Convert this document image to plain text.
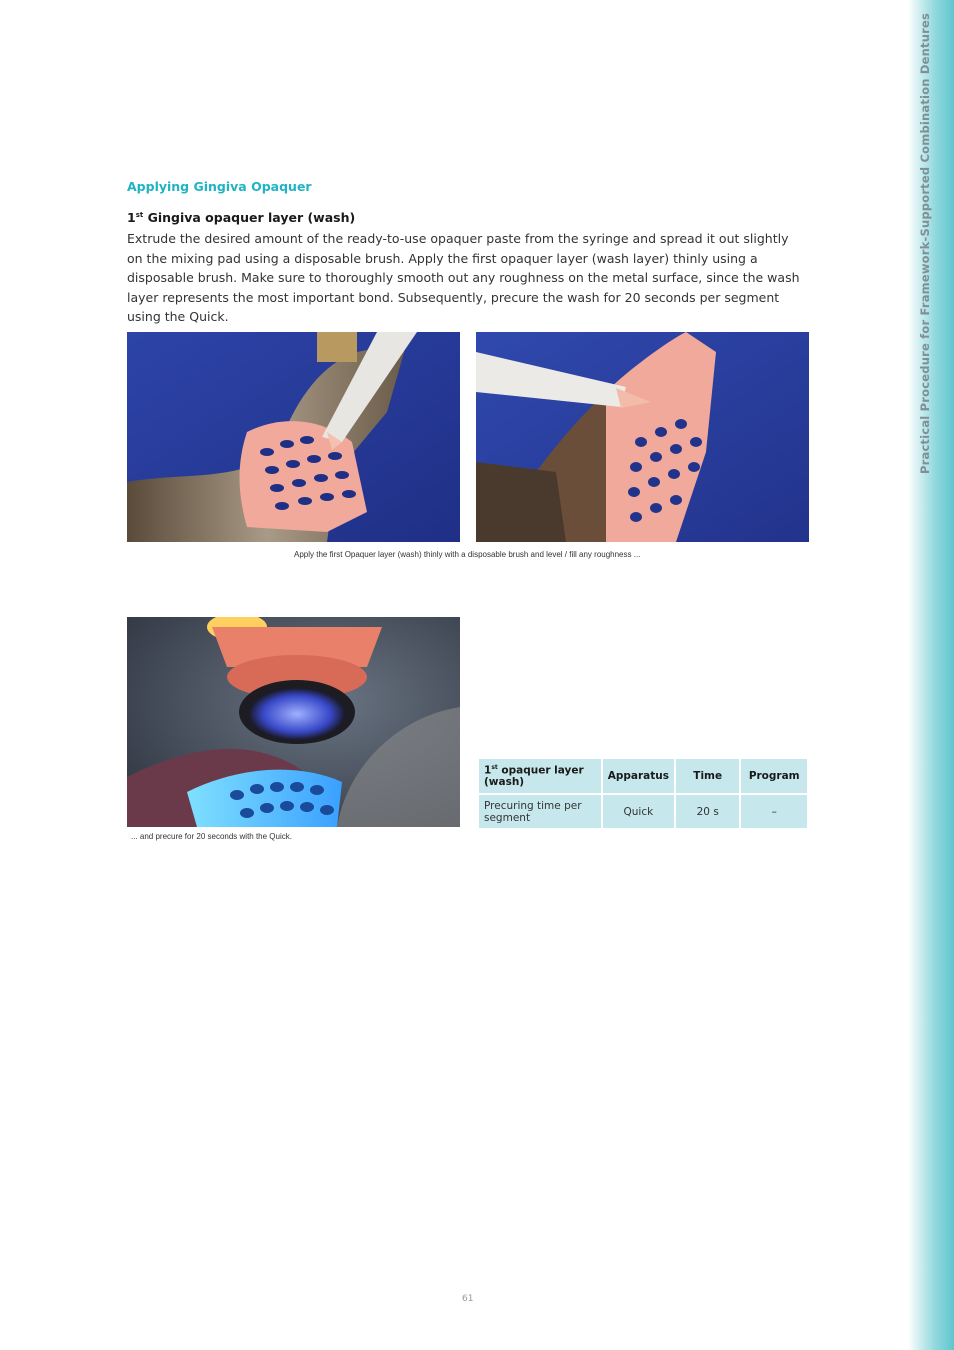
Practical Procedure for Framework-Supported Combination Dentures
Applying Gingiva Opaquer
1st Gingiva opaquer layer (wash)
Extrude the desired amount of the ready-to-use opaquer paste from the syringe and spread it out slightly on the mixing pad using a disposable brush. Apply the first opaquer layer (wash layer) thinly using a disposable brush. Make sure to thoroughly smooth out any roughness on the metal surface, since the wash layer represents the most important bond. Subsequently, precure the wash for 20 seconds per segment using the Quick.
Apply the first Opaquer layer (wash) thinly with a disposable brush and level / fill any roughness ...
... and precure for 20 seconds with the Quick.
1st opaquer layer (wash)	Apparatus	Time	Program
Precuring time per segment	Quick	20 s	–
61
